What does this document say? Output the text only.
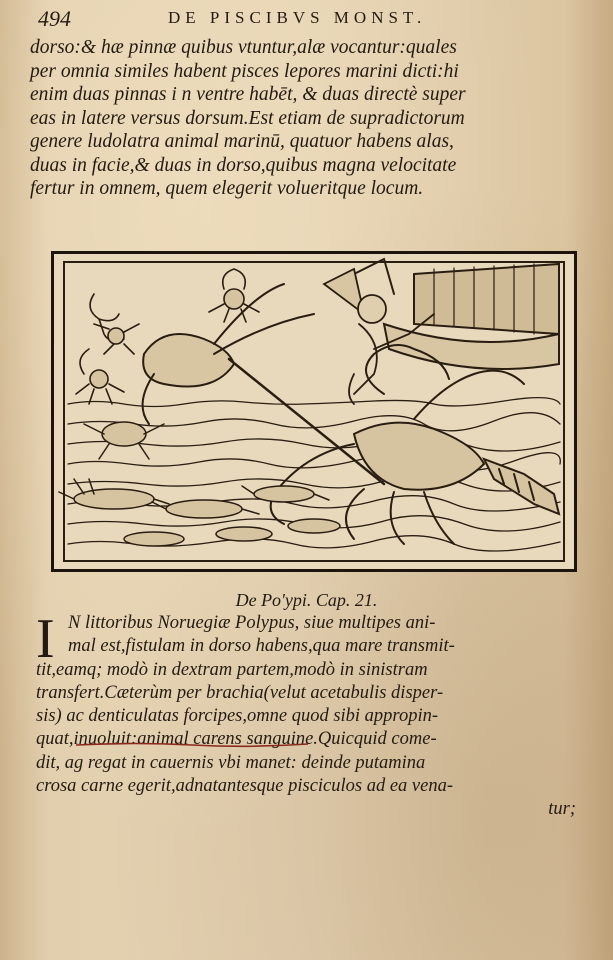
494	DE PISCIBVS MONST.
dorso:& hæ pinnæ quibus vtuntur,alæ vocantur:quales
per omnia similes habent pisces lepores marini dicti:hi
enim duas pinnas i n ventre habēt, & duas directè super
eas in latere versus dorsum.Est etiam de supradictorum
genere ludolatra animal marinū, quatuor habens alas,
duas in facie,& duas in dorso,quibus magna velocitate
fertur in omnem, quem elegerit volueritque locum.
De Po'ypi. Cap. 21.
I N littoribus Noruegiæ Polypus, siue multipes ani-
mal est,fistulam in dorso habens,qua mare transmit-
tit,eamq; modò in dextram partem,modò in sinistram
transfert.Cæterùm per brachia(velut acetabulis disper-
sis) ac denticulatas forcipes,omne quod sibi appropin-
quat,inuoluit:animal carens sanguine.Quicquid come-
dit, ag regat in cauernis vbi manet: deinde putamina
crosa carne egerit,adnatantesque pisciculos ad ea vena-
tur;
